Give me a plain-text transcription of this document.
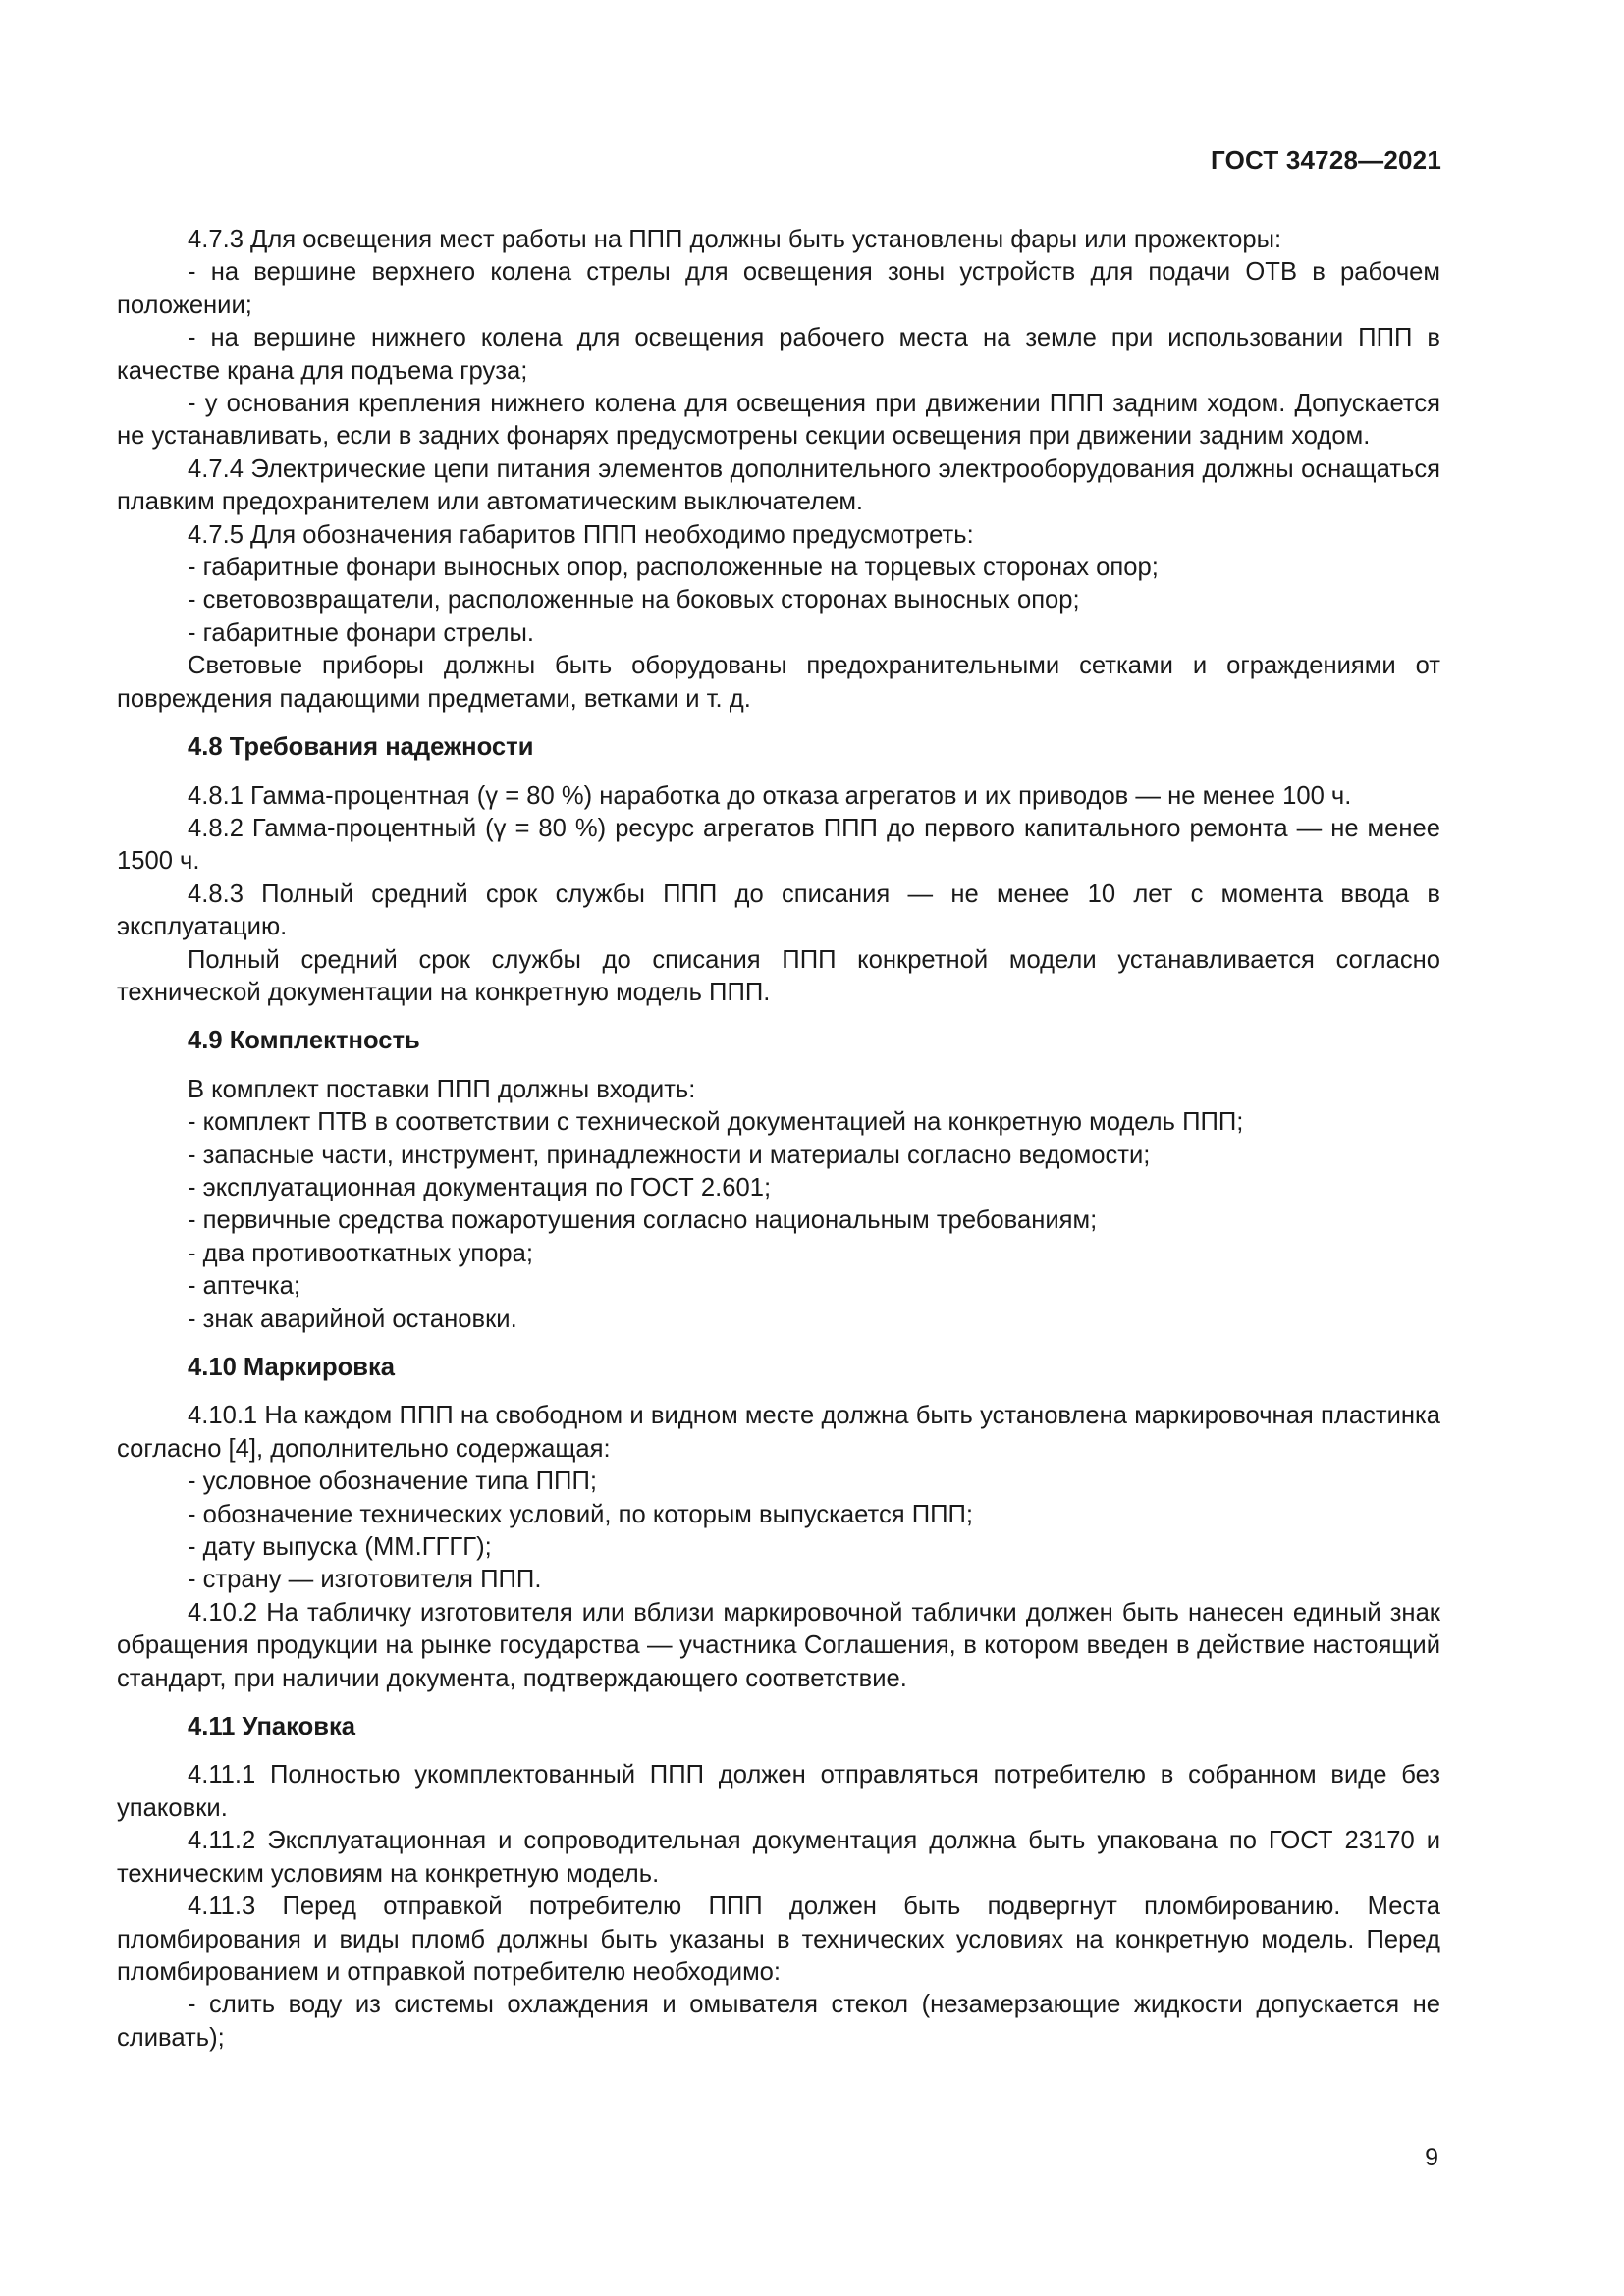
ГОСТ 34728—2021

4.7.3 Для освещения мест работы на ППП должны быть установлены фары или прожекторы:

- на вершине верхнего колена стрелы для освещения зоны устройств для подачи ОТВ в рабочем положении;

- на вершине нижнего колена для освещения рабочего места на земле при использовании ППП в качестве крана для подъема груза;

- у основания крепления нижнего колена для освещения при движении ППП задним ходом. Допускается не устанавливать, если в задних фонарях предусмотрены секции освещения при движении задним ходом.

4.7.4 Электрические цепи питания элементов дополнительного электрооборудования должны оснащаться плавким предохранителем или автоматическим выключателем.

4.7.5 Для обозначения габаритов ППП необходимо предусмотреть:

- габаритные фонари выносных опор, расположенные на торцевых сторонах опор;

- световозвращатели, расположенные на боковых сторонах выносных опор;

- габаритные фонари стрелы.

Световые приборы должны быть оборудованы предохранительными сетками и ограждениями от повреждения падающими предметами, ветками и т. д.

4.8 Требования надежности

4.8.1 Гамма-процентная (γ = 80 %) наработка до отказа агрегатов и их приводов — не менее 100 ч.

4.8.2 Гамма-процентный (γ = 80 %) ресурс агрегатов ППП до первого капитального ремонта — не менее 1500 ч.

4.8.3 Полный средний срок службы ППП до списания — не менее 10 лет с момента ввода в эксплуатацию.

Полный средний срок службы до списания ППП конкретной модели устанавливается согласно технической документации на конкретную модель ППП.

4.9 Комплектность

В комплект поставки ППП должны входить:

- комплект ПТВ в соответствии с технической документацией на конкретную модель ППП;

- запасные части, инструмент, принадлежности и материалы согласно ведомости;

- эксплуатационная документация по ГОСТ 2.601;

- первичные средства пожаротушения согласно национальным требованиям;

- два противооткатных упора;

- аптечка;

- знак аварийной остановки.

4.10 Маркировка

4.10.1 На каждом ППП на свободном и видном месте должна быть установлена маркировочная пластинка согласно [4], дополнительно содержащая:

- условное обозначение типа ППП;

- обозначение технических условий, по которым выпускается ППП;

- дату выпуска (ММ.ГГГГ);

- страну — изготовителя ППП.

4.10.2 На табличку изготовителя или вблизи маркировочной таблички должен быть нанесен единый знак обращения продукции на рынке государства — участника Соглашения, в котором введен в действие настоящий стандарт, при наличии документа, подтверждающего соответствие.

4.11 Упаковка

4.11.1 Полностью укомплектованный ППП должен отправляться потребителю в собранном виде без упаковки.

4.11.2 Эксплуатационная и сопроводительная документация должна быть упакована по ГОСТ 23170 и техническим условиям на конкретную модель.

4.11.3 Перед отправкой потребителю ППП должен быть подвергнут пломбированию. Места пломбирования и виды пломб должны быть указаны в технических условиях на конкретную модель. Перед пломбированием и отправкой потребителю необходимо:

- слить воду из системы охлаждения и омывателя стекол (незамерзающие жидкости допускается не сливать);

9
